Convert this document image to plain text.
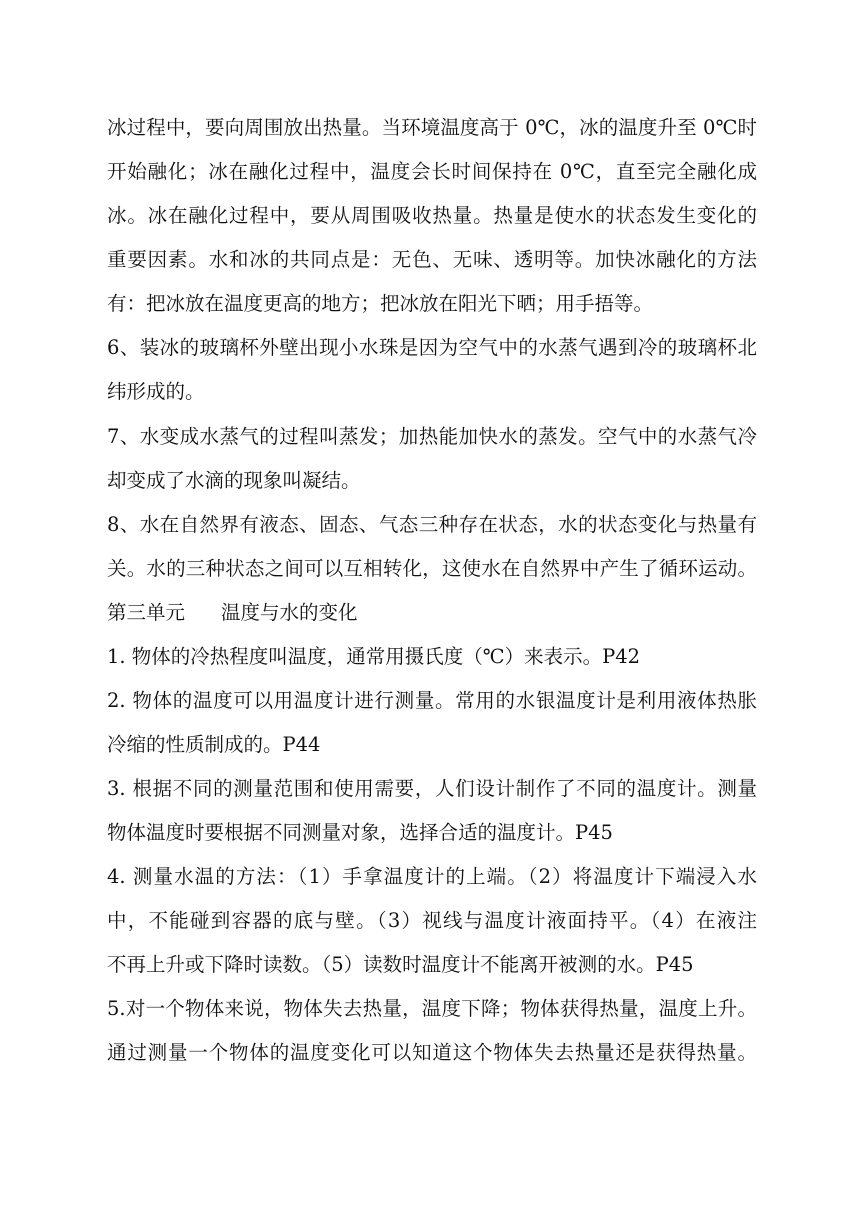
冰过程中，要向周围放出热量。当环境温度高于 0℃，冰的温度升至 0℃时
开始融化；冰在融化过程中，温度会长时间保持在 0℃，直至完全融化成
冰。冰在融化过程中，要从周围吸收热量。热量是使水的状态发生变化的
重要因素。水和冰的共同点是：无色、无味、透明等。加快冰融化的方法
有：把冰放在温度更高的地方；把冰放在阳光下晒；用手捂等。
6、装冰的玻璃杯外壁出现小水珠是因为空气中的水蒸气遇到冷的玻璃杯北
纬形成的。
7、水变成水蒸气的过程叫蒸发；加热能加快水的蒸发。空气中的水蒸气冷
却变成了水滴的现象叫凝结。
8、水在自然界有液态、固态、气态三种存在状态，水的状态变化与热量有
关。水的三种状态之间可以互相转化，这使水在自然界中产生了循环运动。
第三单元 温度与水的变化
1. 物体的冷热程度叫温度，通常用摄氏度（℃）来表示。P42
2. 物体的温度可以用温度计进行测量。常用的水银温度计是利用液体热胀
冷缩的性质制成的。P44
3. 根据不同的测量范围和使用需要，人们设计制作了不同的温度计。测量
物体温度时要根据不同测量对象，选择合适的温度计。P45
4. 测量水温的方法：（1）手拿温度计的上端。（2）将温度计下端浸入水
中，不能碰到容器的底与壁。（3）视线与温度计液面持平。（4）在液注
不再上升或下降时读数。（5）读数时温度计不能离开被测的水。P45
5.对一个物体来说，物体失去热量，温度下降；物体获得热量，温度上升。
通过测量一个物体的温度变化可以知道这个物体失去热量还是获得热量。
